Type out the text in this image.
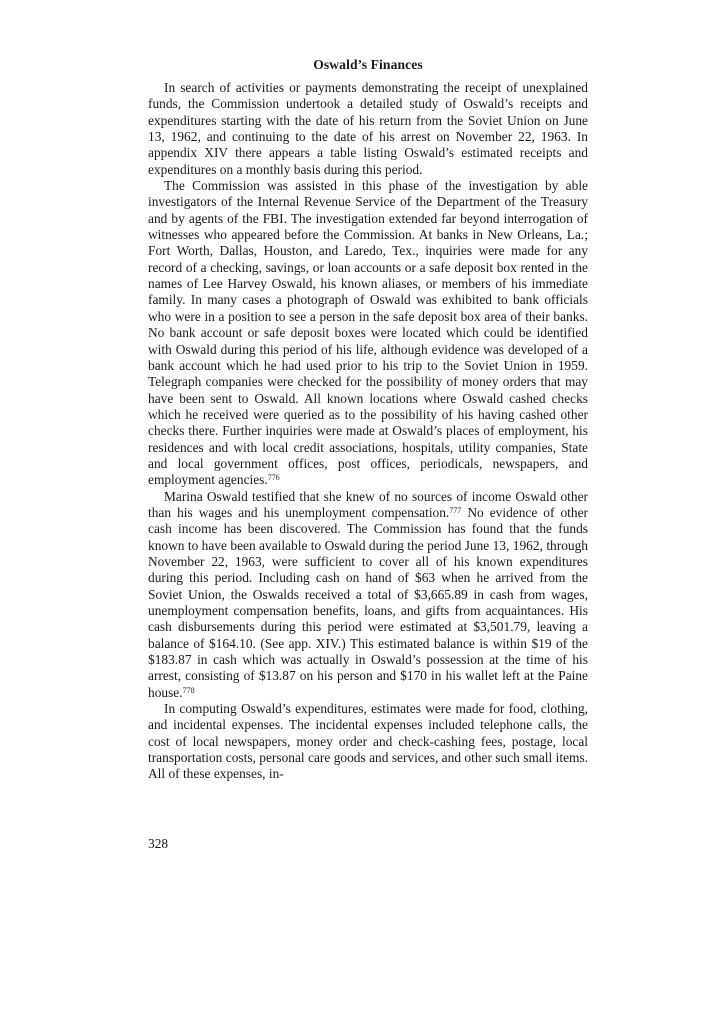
Oswald’s Finances

In search of activities or payments demonstrating the receipt of unexplained funds, the Commission undertook a detailed study of Oswald’s receipts and expenditures starting with the date of his return from the Soviet Union on June 13, 1962, and continuing to the date of his arrest on November 22, 1963. In appendix XIV there appears a table listing Oswald’s estimated receipts and expenditures on a monthly basis during this period.

The Commission was assisted in this phase of the investigation by able investigators of the Internal Revenue Service of the Department of the Treasury and by agents of the FBI. The investigation extended far beyond interrogation of witnesses who appeared before the Commission. At banks in New Orleans, La.; Fort Worth, Dallas, Houston, and Laredo, Tex., inquiries were made for any record of a checking, savings, or loan accounts or a safe deposit box rented in the names of Lee Harvey Oswald, his known aliases, or members of his immediate family. In many cases a photograph of Oswald was exhibited to bank officials who were in a position to see a person in the safe deposit box area of their banks. No bank account or safe deposit boxes were located which could be identified with Oswald during this period of his life, although evidence was developed of a bank account which he had used prior to his trip to the Soviet Union in 1959. Telegraph companies were checked for the possibility of money orders that may have been sent to Oswald. All known locations where Oswald cashed checks which he received were queried as to the possibility of his having cashed other checks there. Further inquiries were made at Oswald’s places of employment, his residences and with local credit associations, hospitals, utility companies, State and local government offices, post offices, periodicals, newspapers, and employment agencies.$^{776}$

Marina Oswald testified that she knew of no sources of income Oswald other than his wages and his unemployment compensation.$^{777}$ No evidence of other cash income has been discovered. The Commission has found that the funds known to have been available to Oswald during the period June 13, 1962, through November 22, 1963, were sufficient to cover all of his known expenditures during this period. Including cash on hand of $63 when he arrived from the Soviet Union, the Oswalds received a total of $3,665.89 in cash from wages, unemployment compensation benefits, loans, and gifts from acquaintances. His cash disbursements during this period were estimated at $3,501.79, leaving a balance of $164.10. (See app. XIV.) This estimated balance is within $19 of the $183.87 in cash which was actually in Oswald’s possession at the time of his arrest, consisting of $13.87 on his person and $170 in his wallet left at the Paine house.$^{778}$

In computing Oswald’s expenditures, estimates were made for food, clothing, and incidental expenses. The incidental expenses included telephone calls, the cost of local newspapers, money order and check-cashing fees, postage, local transportation costs, personal care goods and services, and other such small items. All of these expenses, in-

328
